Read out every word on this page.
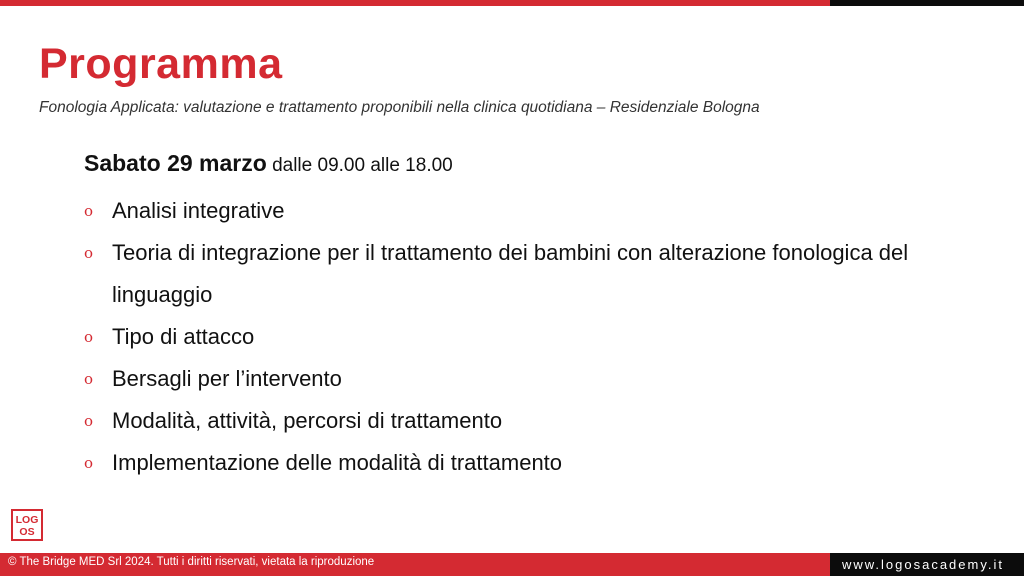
Programma
Fonologia Applicata: valutazione e trattamento proponibili nella clinica quotidiana – Residenziale Bologna
Sabato 29 marzo dalle 09.00 alle 18.00
o Analisi integrative
o Teoria di integrazione per il trattamento dei bambini con alterazione fonologica del linguaggio
o Tipo di attacco
o Bersagli per l’intervento
o Modalità, attività, percorsi di trattamento
o Implementazione delle modalità di trattamento
LOG
OS
© The Bridge MED Srl 2024. Tutti i diritti riservati, vietata la riproduzione	www.logosacademy.it
